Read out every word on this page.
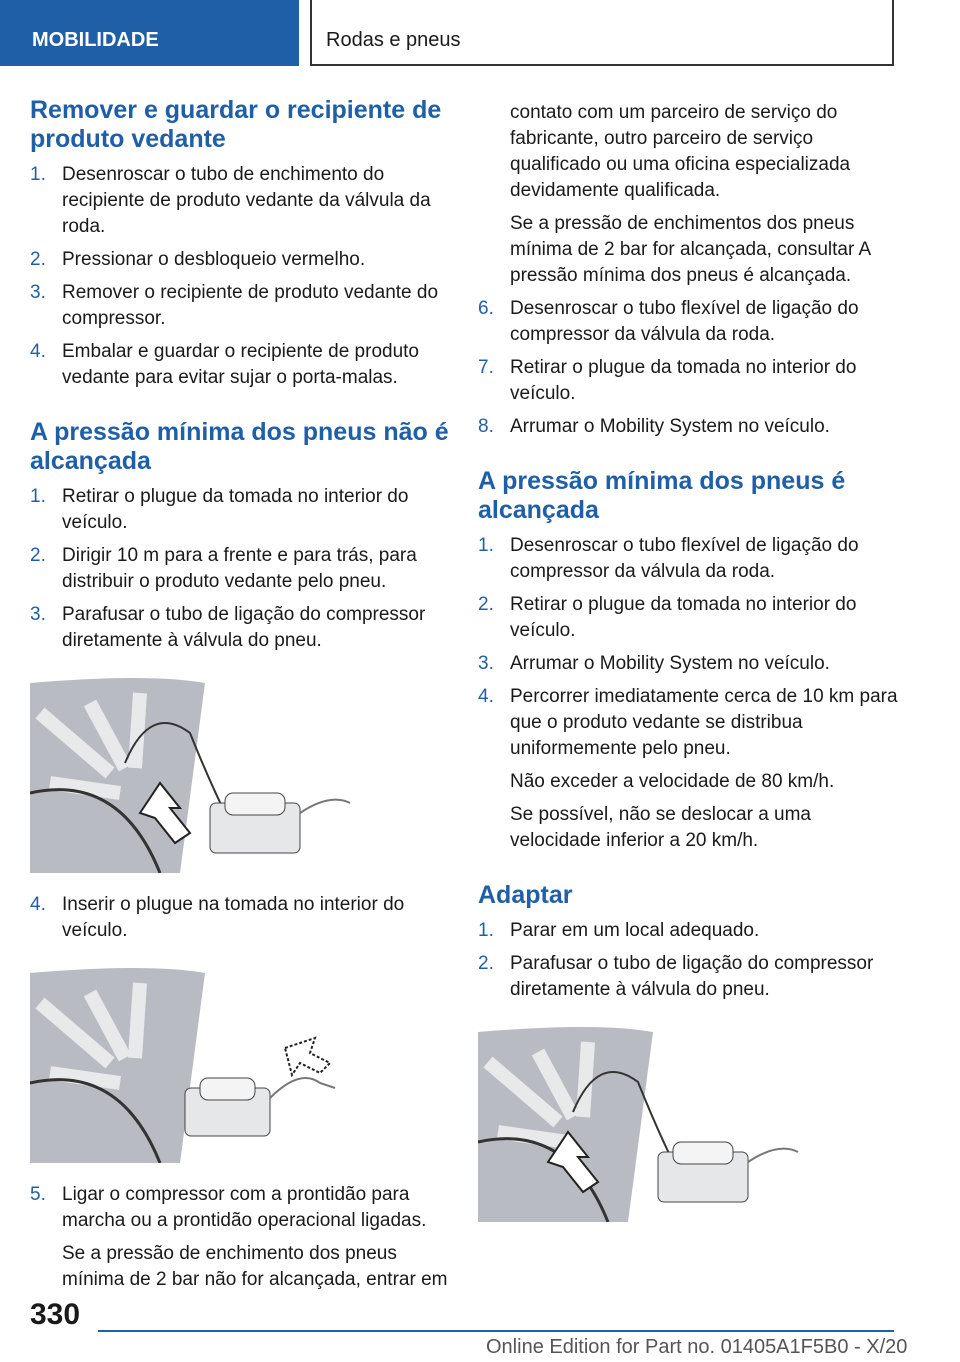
MOBILIDADE	Rodas e pneus
Remover e guardar o recipiente de produto vedante
1. Desenroscar o tubo de enchimento do recipiente de produto vedante da válvula da roda.
2. Pressionar o desbloqueio vermelho.
3. Remover o recipiente de produto vedante do compressor.
4. Embalar e guardar o recipiente de produto vedante para evitar sujar o porta-malas.
A pressão mínima dos pneus não é alcançada
1. Retirar o plugue da tomada no interior do veículo.
2. Dirigir 10 m para a frente e para trás, para distribuir o produto vedante pelo pneu.
3. Parafusar o tubo de ligação do compressor diretamente à válvula do pneu.
4. Inserir o plugue na tomada no interior do veículo.
5. Ligar o compressor com a prontidão para marcha ou a prontidão operacional ligadas.

Se a pressão de enchimento dos pneus mínima de 2 bar não for alcançada, entrar em

contato com um parceiro de serviço do fabricante, outro parceiro de serviço qualificado ou uma oficina especializada devidamente qualificada.

Se a pressão de enchimentos dos pneus mínima de 2 bar for alcançada, consultar A pressão mínima dos pneus é alcançada.

6. Desenroscar o tubo flexível de ligação do compressor da válvula da roda.
7. Retirar o plugue da tomada no interior do veículo.
8. Arrumar o Mobility System no veículo.
A pressão mínima dos pneus é alcançada
1. Desenroscar o tubo flexível de ligação do compressor da válvula da roda.
2. Retirar o plugue da tomada no interior do veículo.
3. Arrumar o Mobility System no veículo.
4. Percorrer imediatamente cerca de 10 km para que o produto vedante se distribua uniformemente pelo pneu.

Não exceder a velocidade de 80 km/h.

Se possível, não se deslocar a uma velocidade inferior a 20 km/h.

Adaptar
1. Parar em um local adequado.
2. Parafusar o tubo de ligação do compressor diretamente à válvula do pneu.
330
Online Edition for Part no. 01405A1F5B0 - X/20
